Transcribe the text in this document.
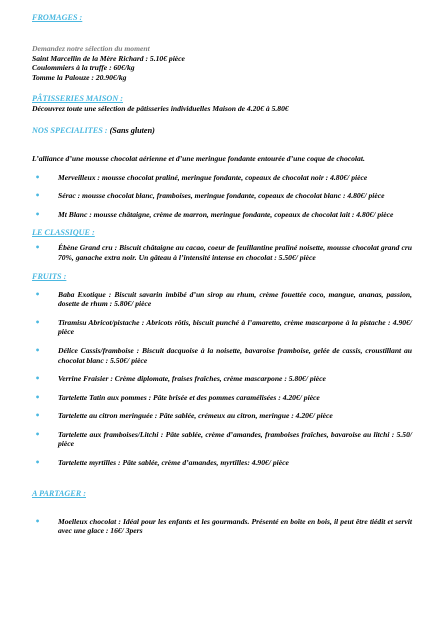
FROMAGES :

Demandez notre sélection du moment

Saint Marcellin de la Mère Richard : 5.10€ pièce

Coulommiers à la truffe : 60€/kg

Tomme la Palouze : 20.90€/kg

PÂTISSERIES MAISON :

Découvrez toute une sélection de pâtisseries individuelles Maison de 4.20€ à 5.80€

NOS SPECIALITES : (Sans gluten)

L’alliance d’une mousse chocolat aérienne et d’une meringue fondante entourée d’une coque de chocolat.

• Merveilleux : mousse chocolat praliné, meringue fondante, copeaux de chocolat noir : 4.80€/ pièce
• Sérac : mousse chocolat blanc, framboises, meringue fondante, copeaux de chocolat blanc : 4.80€/ pièce
• Mt Blanc : mousse châtaigne, crème de marron, meringue fondante, copeaux de chocolat lait : 4.80€/ pièce

LE CLASSIQUE :

• Ébène Grand cru : Biscuit châtaigne au cacao, coeur de feuillantine praliné noisette, mousse chocolat grand cru 70%, ganache extra noir. Un gâteau à l’intensité intense en chocolat : 5.50€/ pièce

FRUITS :

• Baba Exotique : Biscuit savarin imbibé d’un sirop au rhum, crème fouettée coco, mangue, ananas, passion, dosette de rhum : 5.80€/ pièce
• Tiramisu Abricot/pistache : Abricots rôtis, biscuit punché à l’amaretto, crème mascarpone à la pistache : 4.90€/ pièce
• Délice Cassis/framboise : Biscuit dacquoise à la noisette, bavaroise framboise, gelée de cassis, croustillant au chocolat blanc : 5.50€/ pièce
• Verrine Fraisier : Crème diplomate, fraises fraîches, crème mascarpone : 5.80€/ pièce
• Tartelette Tatin aux pommes : Pâte brisée et des pommes caramélisées : 4.20€/ pièce
• Tartelette au citron meringuée : Pâte sablée, crémeux au citron, meringue : 4.20€/ pièce
• Tartelette aux framboises/Litchi : Pâte sablée, crème d’amandes, framboises fraîches, bavaroise au litchi : 5.50/ pièce
• Tartelette myrtilles : Pâte sablée, crème d’amandes, myrtilles: 4.90€/ pièce

A PARTAGER :

• Moelleux chocolat : Idéal pour les enfants et les gourmands. Présenté en boîte en bois, il peut être tiédit et servit avec une glace : 16€/ 3pers
